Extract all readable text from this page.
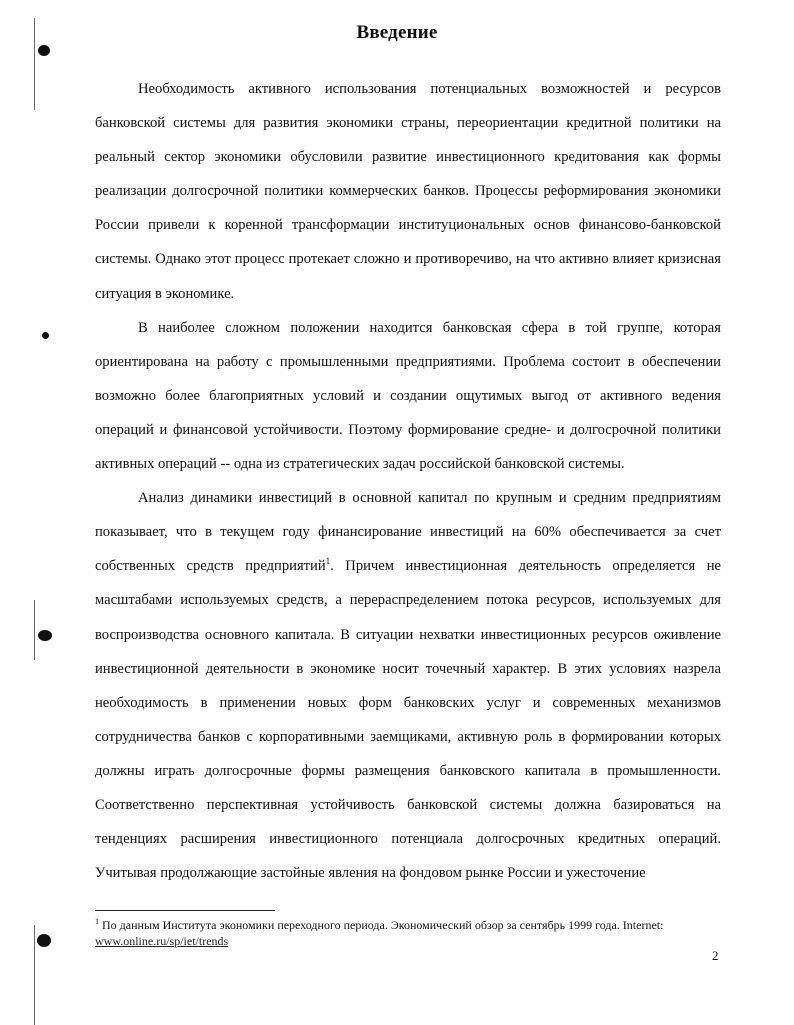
Введение

Необходимость активного использования потенциальных возможностей и ресурсов банковской системы для развития экономики страны, переориентации кредитной политики на реальный сектор экономики обусловили развитие инвестиционного кредитования как формы реализации долгосрочной политики коммерческих банков. Процессы реформирования экономики России привели к коренной трансформации институциональных основ финансово-банковской системы. Однако этот процесс протекает сложно и противоречиво, на что активно влияет кризисная ситуация в экономике.

В наиболее сложном положении находится банковская сфера в той группе, которая ориентирована на работу с промышленными предприятиями. Проблема состоит в обеспечении возможно более благоприятных условий и создании ощутимых выгод от активного ведения операций и финансовой устойчивости. Поэтому формирование средне- и долгосрочной политики активных операций -- одна из стратегических задач российской банковской системы.

Анализ динамики инвестиций в основной капитал по крупным и средним предприятиям показывает, что в текущем году финансирование инвестиций на 60% обеспечивается за счет собственных средств предприятий$^1$. Причем инвестиционная деятельность определяется не масштабами используемых средств, а перераспределением потока ресурсов, используемых для воспроизводства основного капитала. В ситуации нехватки инвестиционных ресурсов оживление инвестиционной деятельности в экономике носит точечный характер. В этих условиях назрела необходимость в применении новых форм банковских услуг и современных механизмов сотрудничества банков с корпоративными заемщиками, активную роль в формировании которых должны играть долгосрочные формы размещения банковского капитала в промышленности. Соответственно перспективная устойчивость банковской системы должна базироваться на тенденциях расширения инвестиционного потенциала долгосрочных кредитных операций. Учитывая продолжающие застойные явления на фондовом рынке России и ужесточение

$^1$ По данным Института экономики переходного периода. Экономический обзор за сентябрь 1999 года. Internet:
www.online.ru/sp/iet/trends
2
